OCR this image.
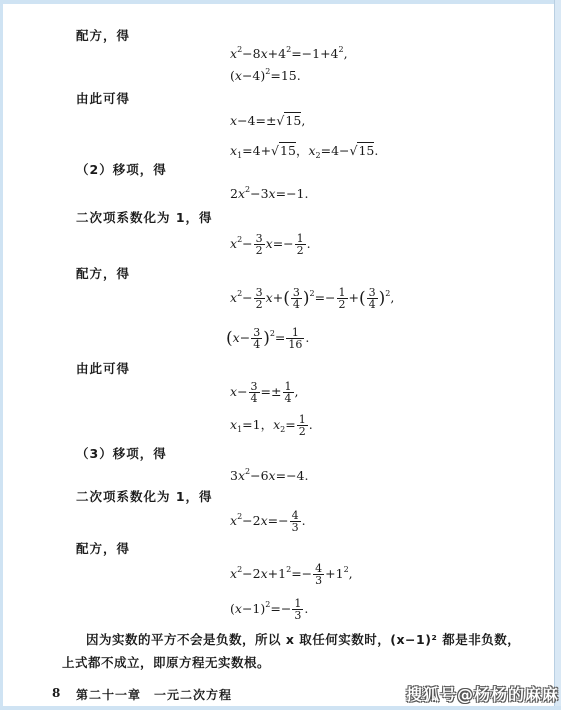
配方，得
$x^2-8x+4^2=-1+4^2$,
$(x-4)^2=15$.
由此可得
x−4=±√15,
$x_1=4+√15$，$x_2=4-√15$.
（2）移项，得
$2x^2-3x=-1$.
二次项系数化为 1，得
$x^2- \frac{3}{2} x=- \frac{1}{2}$ .
配方，得
$x^2- \frac{3}{2} x+( \frac{3}{4} )^2=- \frac{1}{2}$ +( $\frac{3}{4} )^2$,
$(x- \frac{3}{4} )^2= \frac{1}{16}$ .
由此可得
$x- \frac{3}{4} =\pm \frac{1}{4}$ ,
$x_1=1$，$x_2= \frac{1}{2}$ .
（3）移项，得
$3x^2-6x=-4$.
二次项系数化为 1，得
$x^2-2x=- \frac{4}{3}$ .
配方，得
$x^2-2x+1^2=- \frac{4}{3} +1^2$,
$(x-1)^2=- \frac{1}{3}$ .
因为实数的平方不会是负数，所以 x 取任何实数时，(x−1)² 都是非负数，上式都不成立，即原方程无实数根。
8 第二十一章　一元二次方程	搜狐号@杨杨的麻麻
